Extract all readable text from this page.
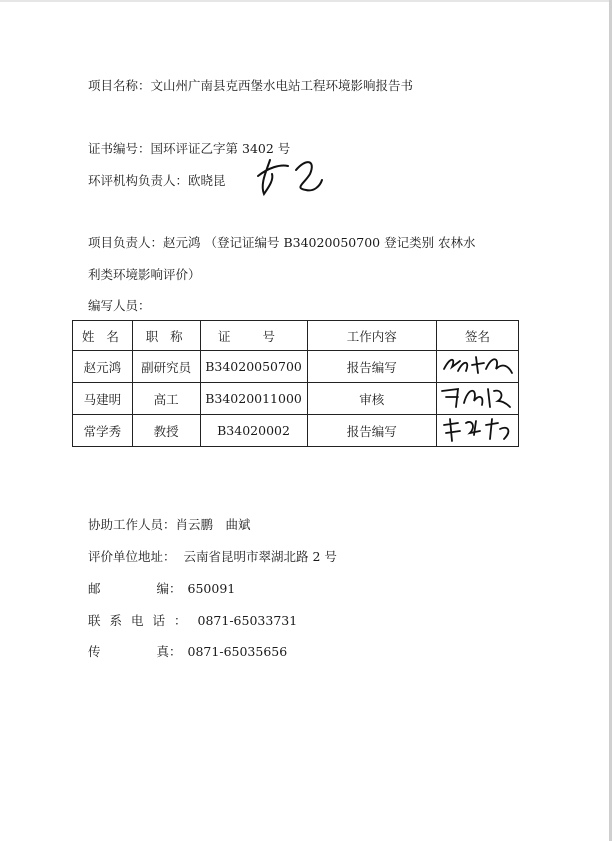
项目名称：文山州广南县克西堡水电站工程环境影响报告书
证书编号：国环评证乙字第 3402 号
环评机构负责人：欧晓昆
项目负责人：赵元鸿 （登记证编号 B34020050700 登记类别 农林水
利类环境影响评价）
编写人员：
姓 名	职 称	证 号	工作内容	签名
赵元鸿	副研究员	B34020050700	报告编写	
马建明	高工	B34020011000	审核	
常学秀	教授	B34020002	报告编写	
协助工作人员：肖云鹏　曲斌
评价单位地址： 云南省昆明市翠湖北路 2 号
邮	编： 650091
联系电话： 0871-65033731
传	真： 0871-65035656
